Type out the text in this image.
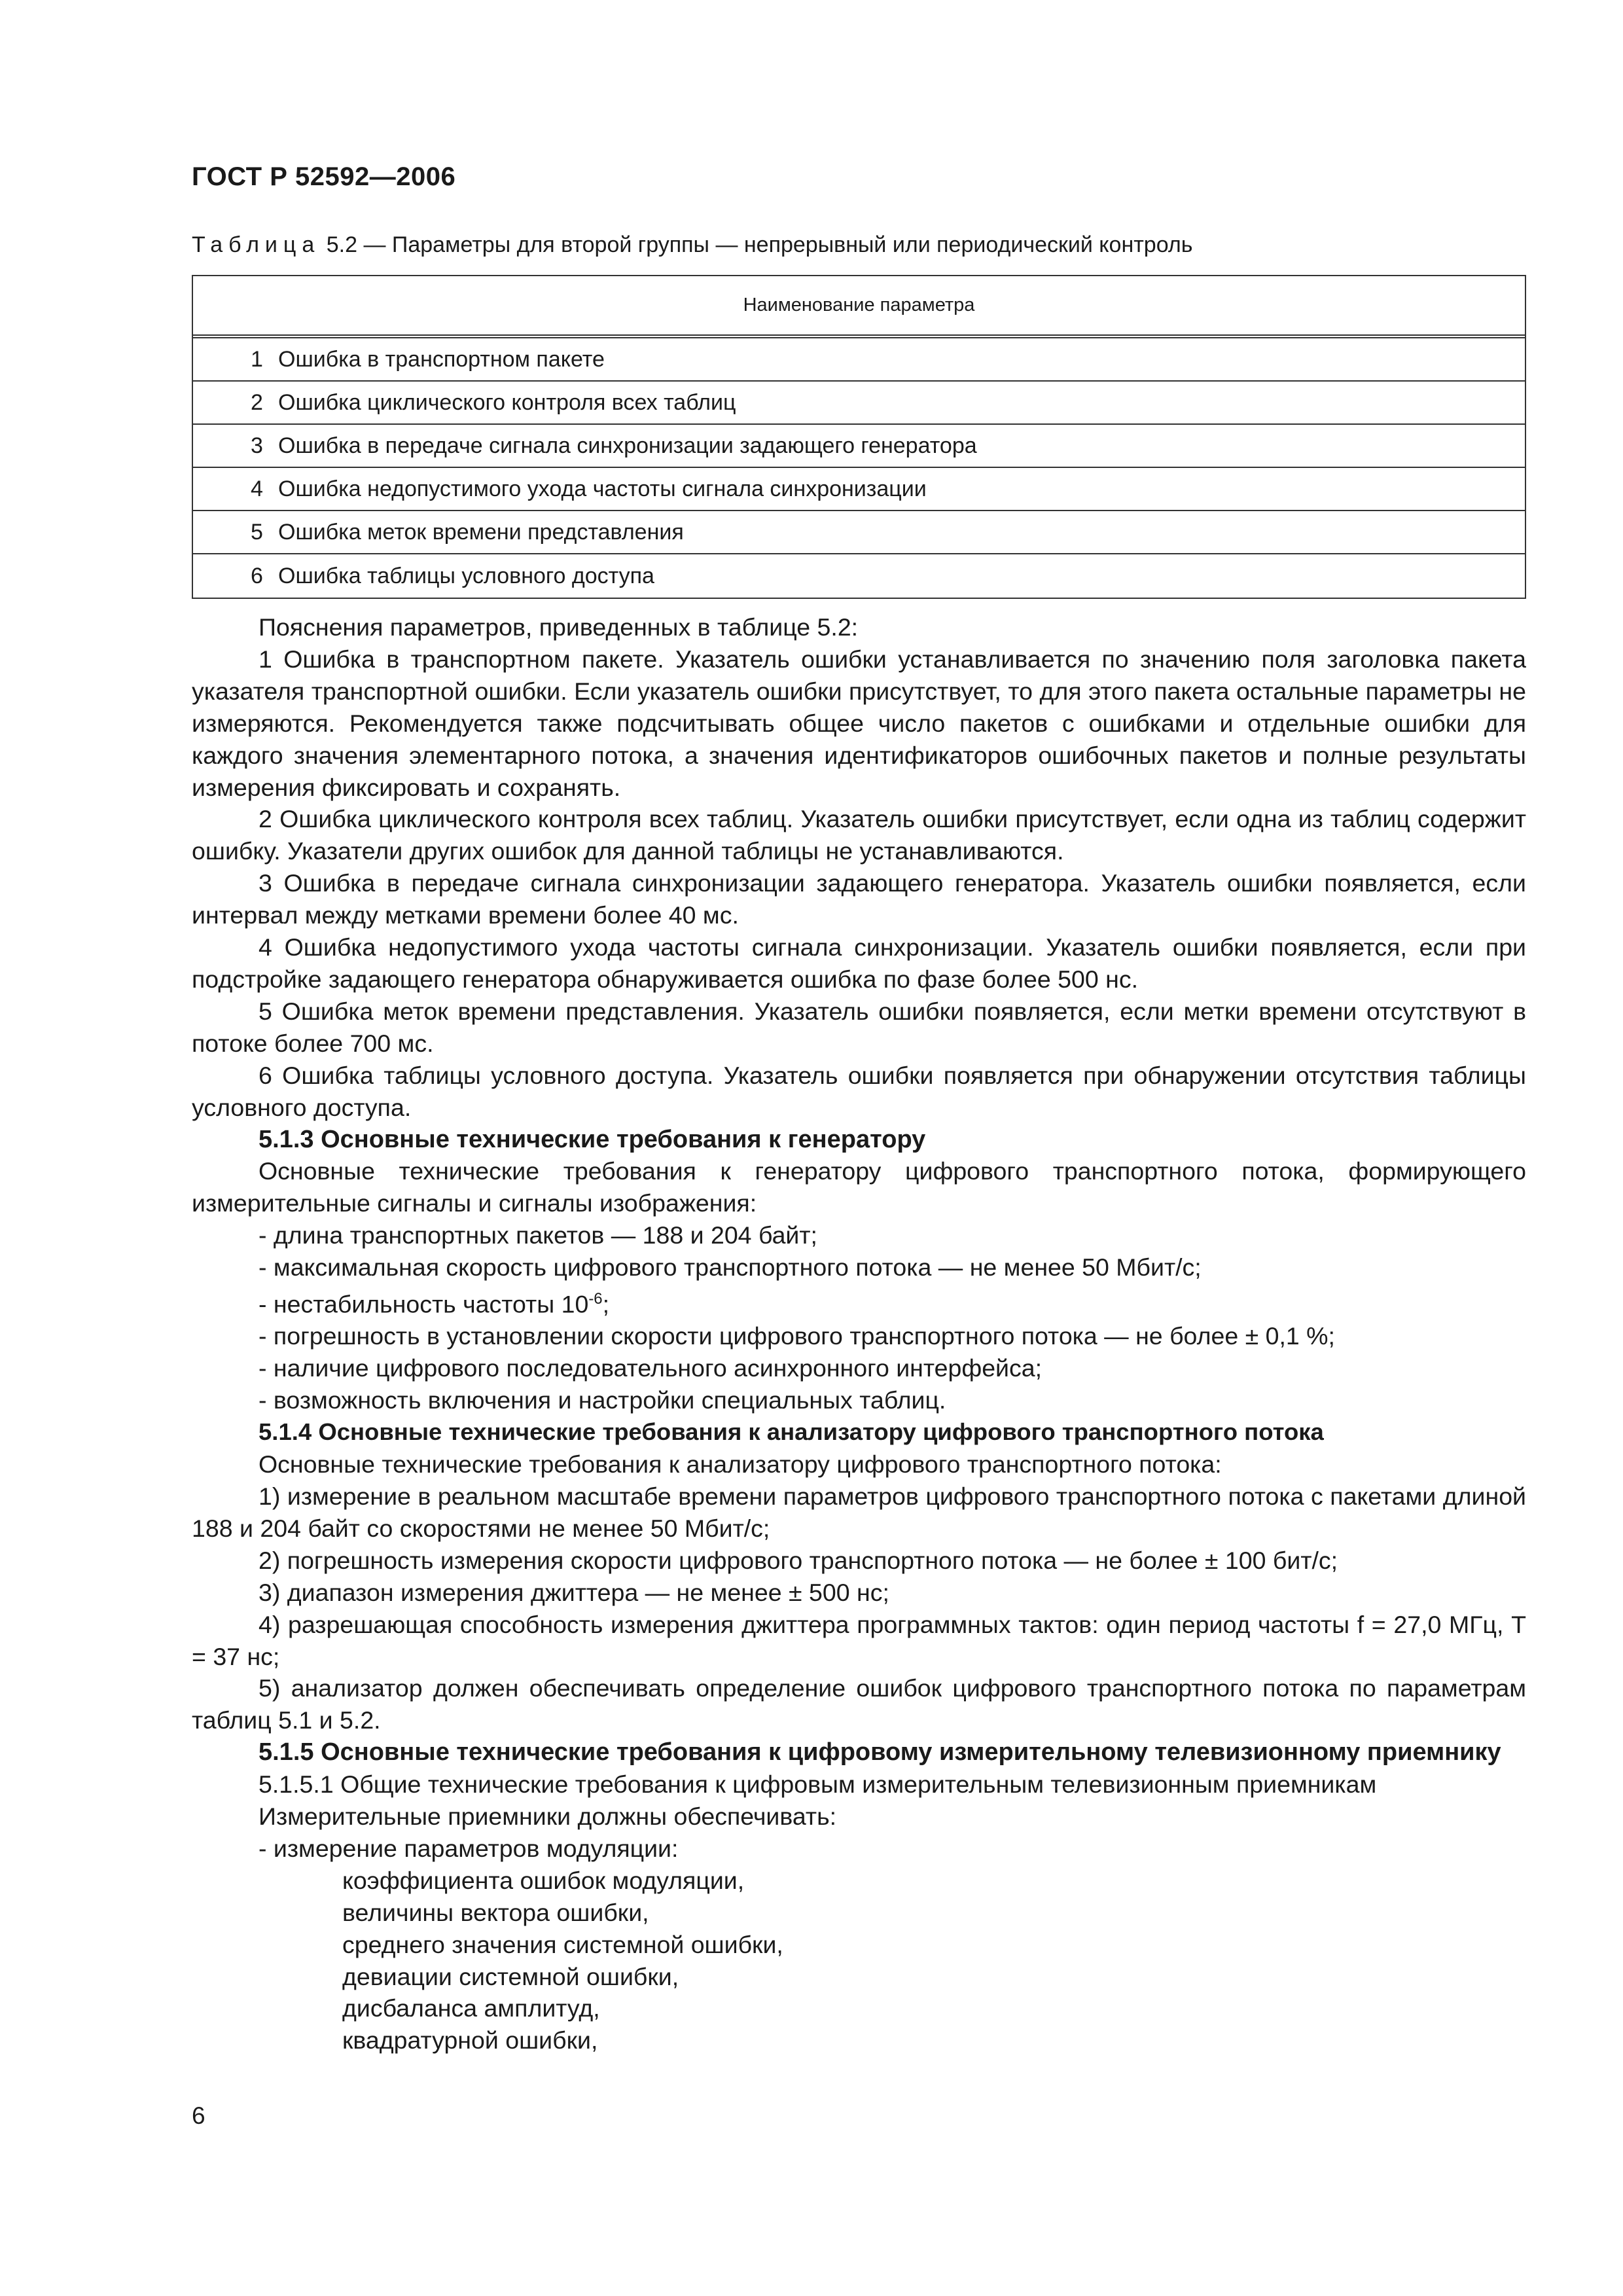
ГОСТ Р 52592—2006
Таблица 5.2 — Параметры для второй группы — непрерывный или периодический контроль
Наименование параметра
1 Ошибка в транспортном пакете
2 Ошибка циклического контроля всех таблиц
3 Ошибка в передаче сигнала синхронизации задающего генератора
4 Ошибка недопустимого ухода частоты сигнала синхронизации
5 Ошибка меток времени представления
6 Ошибка таблицы условного доступа

Пояснения параметров, приведенных в таблице 5.2:

1 Ошибка в транспортном пакете. Указатель ошибки устанавливается по значению поля заголовка пакета указателя транспортной ошибки. Если указатель ошибки присутствует, то для этого пакета остальные параметры не измеряются. Рекомендуется также подсчитывать общее число пакетов с ошибками и отдельные ошибки для каждого значения элементарного потока, а значения идентификаторов ошибочных пакетов и полные результаты измерения фиксировать и сохранять.

2 Ошибка циклического контроля всех таблиц. Указатель ошибки присутствует, если одна из таблиц содержит ошибку. Указатели других ошибок для данной таблицы не устанавливаются.

3 Ошибка в передаче сигнала синхронизации задающего генератора. Указатель ошибки появляется, если интервал между метками времени более 40 мс.

4 Ошибка недопустимого ухода частоты сигнала синхронизации. Указатель ошибки появляется, если при подстройке задающего генератора обнаруживается ошибка по фазе более 500 нс.

5 Ошибка меток времени представления. Указатель ошибки появляется, если метки времени отсутствуют в потоке более 700 мс.

6 Ошибка таблицы условного доступа. Указатель ошибки появляется при обнаружении отсутствия таблицы условного доступа.

5.1.3 Основные технические требования к генератору

Основные технические требования к генератору цифрового транспортного потока, формирующего измерительные сигналы и сигналы изображения:

- длина транспортных пакетов — 188 и 204 байт;

- максимальная скорость цифрового транспортного потока — не менее 50 Мбит/с;

- нестабильность частоты $10^{-6}$;

- погрешность в установлении скорости цифрового транспортного потока — не более ± 0,1 %;

- наличие цифрового последовательного асинхронного интерфейса;

- возможность включения и настройки специальных таблиц.

5.1.4 Основные технические требования к анализатору цифрового транспортного потока

Основные технические требования к анализатору цифрового транспортного потока:

1) измерение в реальном масштабе времени параметров цифрового транспортного потока с пакетами длиной 188 и 204 байт со скоростями не менее 50 Мбит/с;

2) погрешность измерения скорости цифрового транспортного потока — не более ± 100 бит/с;

3) диапазон измерения джиттера — не менее ± 500 нс;

4) разрешающая способность измерения джиттера программных тактов: один период частоты f = 27,0 МГц, T = 37 нс;

5) анализатор должен обеспечивать определение ошибок цифрового транспортного потока по параметрам таблиц 5.1 и 5.2.

5.1.5 Основные технические требования к цифровому измерительному телевизионному приемнику

5.1.5.1 Общие технические требования к цифровым измерительным телевизионным приемникам

Измерительные приемники должны обеспечивать:

- измерение параметров модуляции:

коэффициента ошибок модуляции,

величины вектора ошибки,

среднего значения системной ошибки,

девиации системной ошибки,

дисбаланса амплитуд,

квадратурной ошибки,

6
